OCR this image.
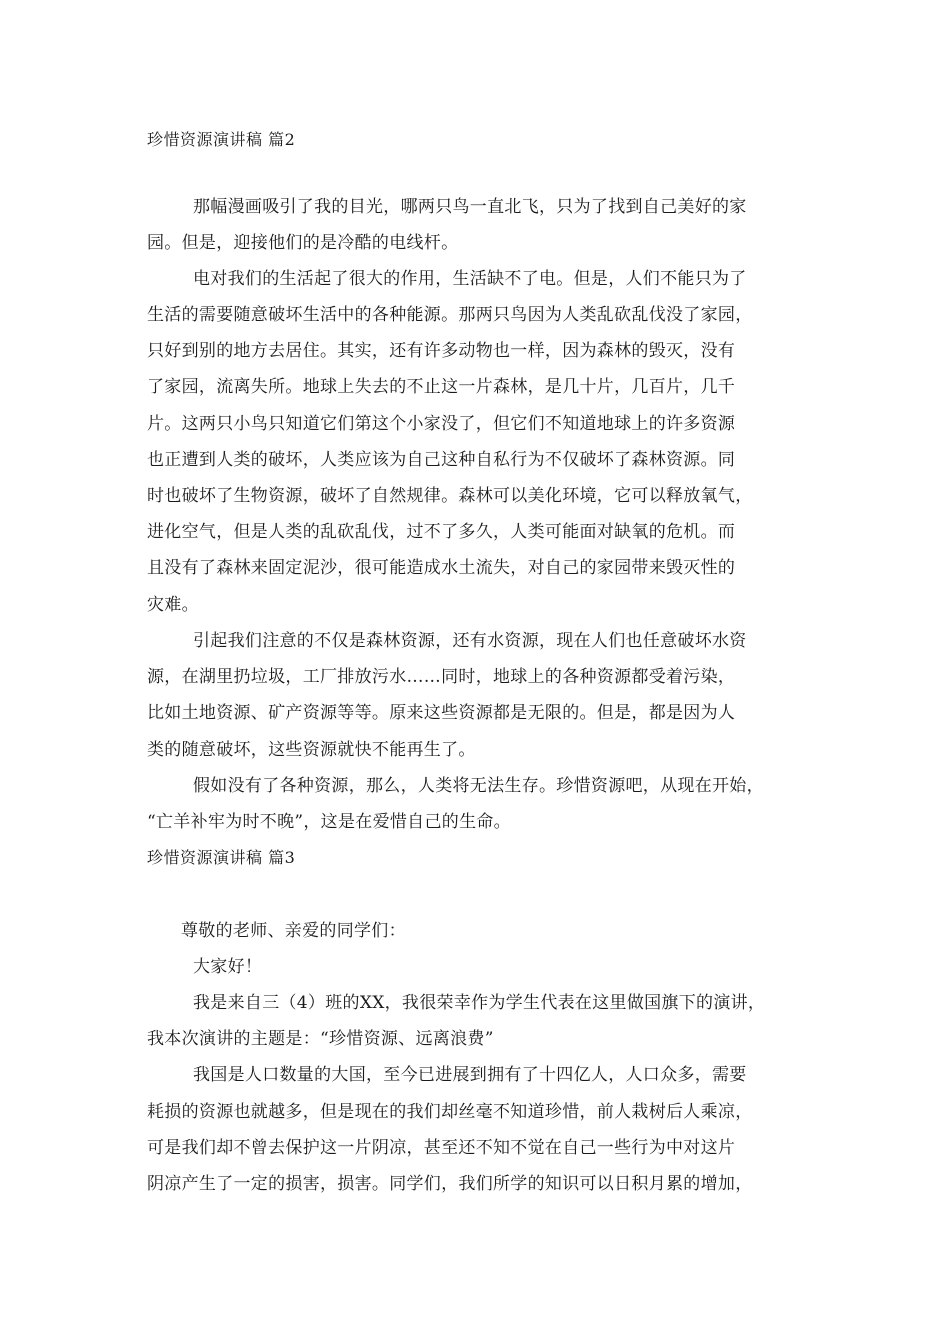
珍惜资源演讲稿 篇2
那幅漫画吸引了我的目光，哪两只鸟一直北飞，只为了找到自己美好的家
园。但是，迎接他们的是冷酷的电线杆。
电对我们的生活起了很大的作用，生活缺不了电。但是，人们不能只为了
生活的需要随意破坏生活中的各种能源。那两只鸟因为人类乱砍乱伐没了家园，
只好到别的地方去居住。其实，还有许多动物也一样，因为森林的毁灭，没有
了家园，流离失所。地球上失去的不止这一片森林，是几十片，几百片，几千
片。这两只小鸟只知道它们第这个小家没了，但它们不知道地球上的许多资源
也正遭到人类的破坏，人类应该为自己这种自私行为不仅破坏了森林资源。同
时也破坏了生物资源，破坏了自然规律。森林可以美化环境，它可以释放氧气，
进化空气，但是人类的乱砍乱伐，过不了多久，人类可能面对缺氧的危机。而
且没有了森林来固定泥沙，很可能造成水土流失，对自己的家园带来毁灭性的
灾难。
引起我们注意的不仅是森林资源，还有水资源，现在人们也任意破坏水资
源，在湖里扔垃圾，工厂排放污水……同时，地球上的各种资源都受着污染，
比如土地资源、矿产资源等等。原来这些资源都是无限的。但是，都是因为人
类的随意破坏，这些资源就快不能再生了。
假如没有了各种资源，那么，人类将无法生存。珍惜资源吧，从现在开始，
“亡羊补牢为时不晚”，这是在爱惜自己的生命。
珍惜资源演讲稿 篇3
尊敬的老师、亲爱的同学们：
大家好！
我是来自三（4）班的XX，我很荣幸作为学生代表在这里做国旗下的演讲，
我本次演讲的主题是：“珍惜资源、远离浪费”
我国是人口数量的大国，至今已进展到拥有了十四亿人，人口众多，需要
耗损的资源也就越多，但是现在的我们却丝毫不知道珍惜，前人栽树后人乘凉，
可是我们却不曾去保护这一片阴凉，甚至还不知不觉在自己一些行为中对这片
阴凉产生了一定的损害，损害。同学们，我们所学的知识可以日积月累的增加，
